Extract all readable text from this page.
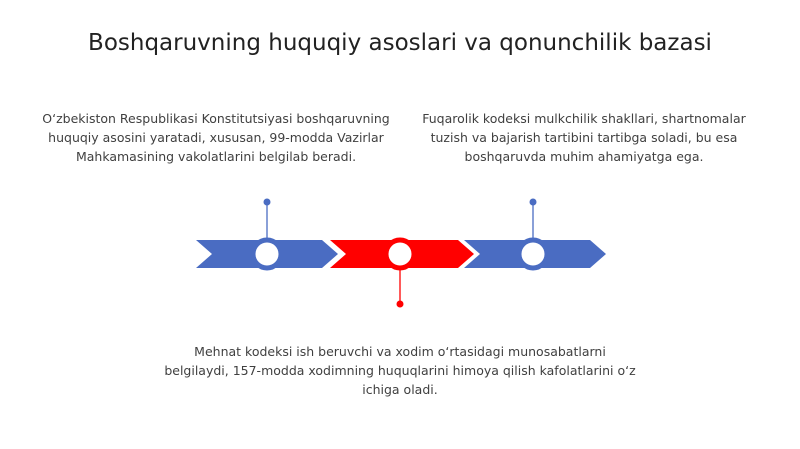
Boshqaruvning huquqiy asoslari va qonunchilik bazasi
O‘zbekiston Respublikasi Konstitutsiyasi boshqaruvning huquqiy asosini yaratadi, xususan, 99-modda Vazirlar Mahkamasining vakolatlarini belgilab beradi.
Fuqarolik kodeksi mulkchilik shakllari, shartnomalar tuzish va bajarish tartibini tartibga soladi, bu esa boshqaruvda muhim ahamiyatga ega.
Mehnat kodeksi ish beruvchi va xodim o‘rtasidagi munosabatlarni belgilaydi, 157-modda xodimning huquqlarini himoya qilish kafolatlarini o‘z ichiga oladi.
